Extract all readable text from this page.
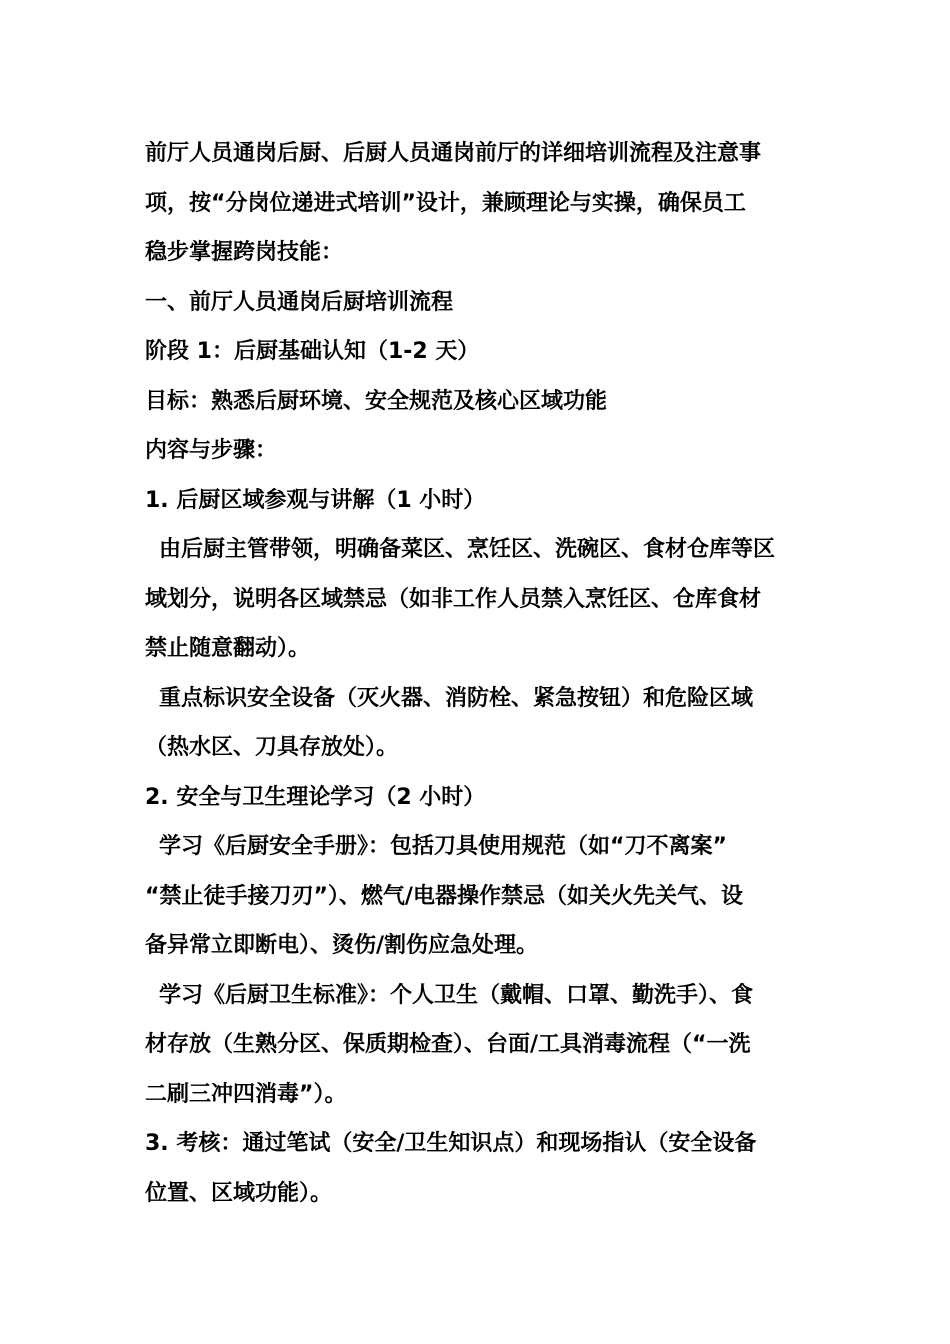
前厅人员通岗后厨、后厨人员通岗前厅的详细培训流程及注意事
项，按“分岗位递进式培训”设计，兼顾理论与实操，确保员工
稳步掌握跨岗技能：
一、前厅人员通岗后厨培训流程
阶段 1：后厨基础认知（1-2 天）
目标：熟悉后厨环境、安全规范及核心区域功能
内容与步骤：
1. 后厨区域参观与讲解（1 小时）
由后厨主管带领，明确备菜区、烹饪区、洗碗区、食材仓库等区
域划分，说明各区域禁忌（如非工作人员禁入烹饪区、仓库食材
禁止随意翻动）。
重点标识安全设备（灭火器、消防栓、紧急按钮）和危险区域
（热水区、刀具存放处）。
2. 安全与卫生理论学习（2 小时）
学习《后厨安全手册》：包括刀具使用规范（如“刀不离案”
“禁止徒手接刀刃”）、燃气/电器操作禁忌（如关火先关气、设
备异常立即断电）、烫伤/割伤应急处理。
学习《后厨卫生标准》：个人卫生（戴帽、口罩、勤洗手）、食
材存放（生熟分区、保质期检查）、台面/工具消毒流程（“一洗
二刷三冲四消毒”）。
3. 考核：通过笔试（安全/卫生知识点）和现场指认（安全设备
位置、区域功能）。
